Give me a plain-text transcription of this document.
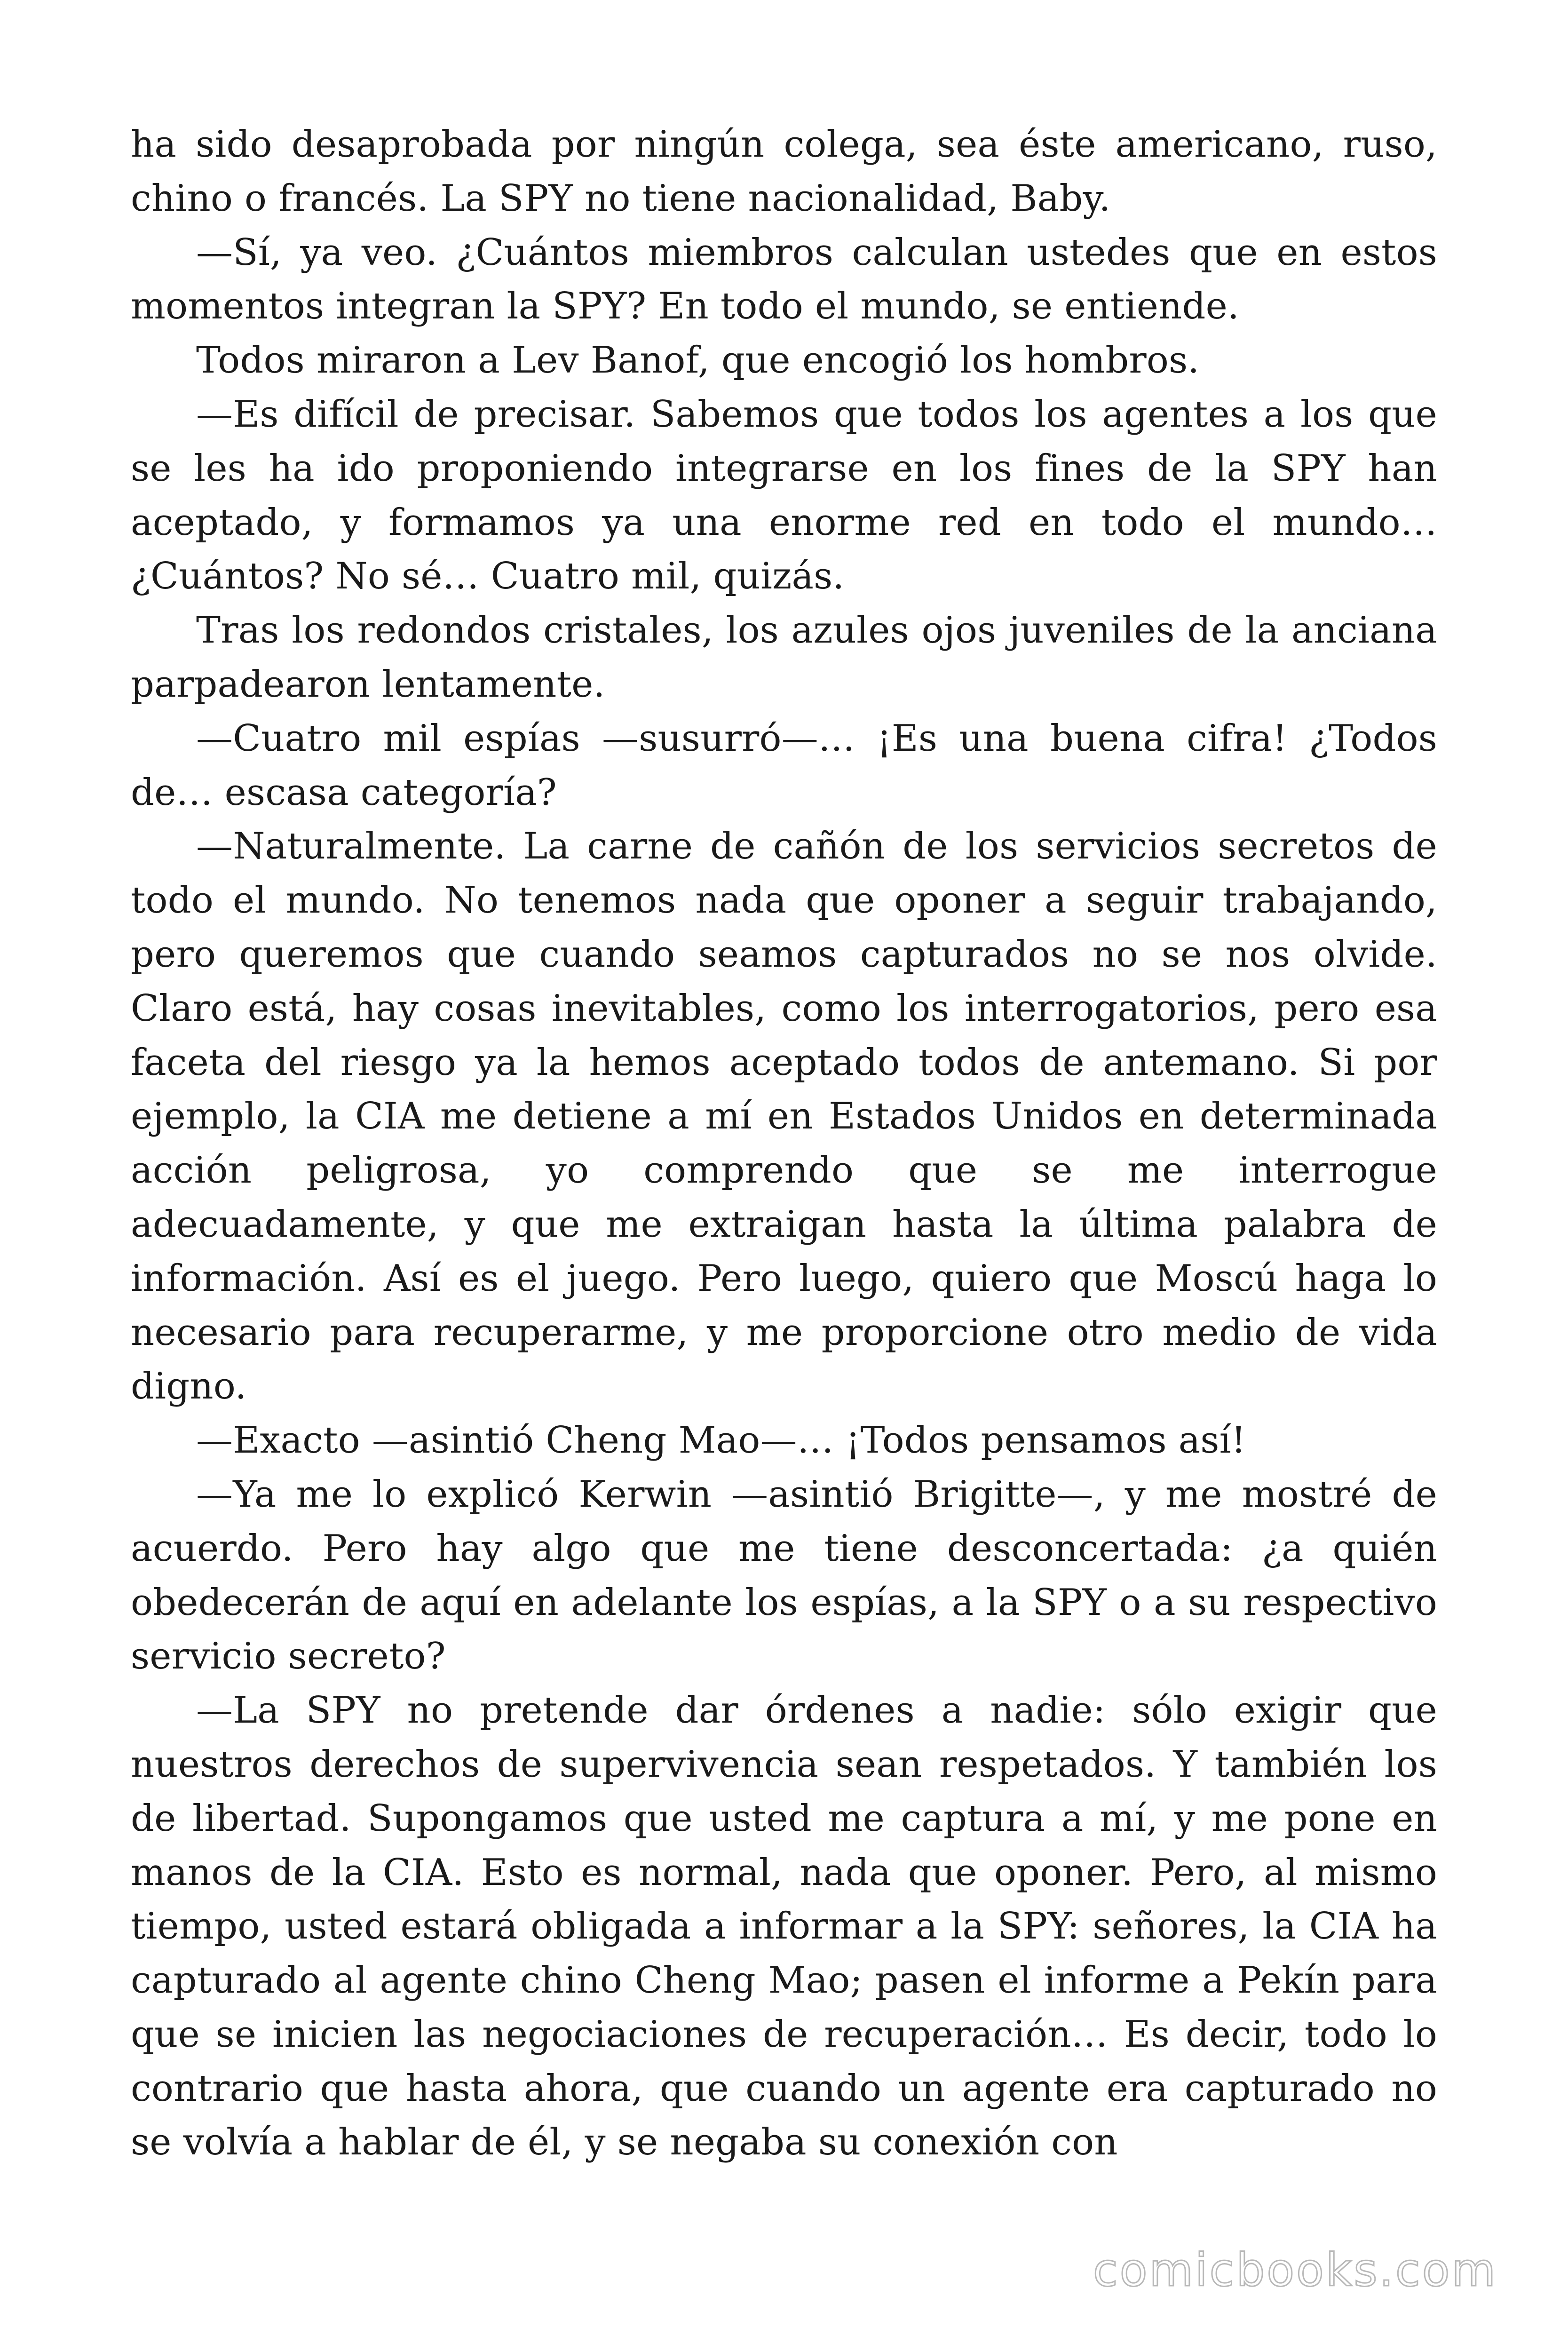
ha sido desaprobada por ningún colega, sea éste americano, ruso, chino o francés. La SPY no tiene nacionalidad, Baby.

—Sí, ya veo. ¿Cuántos miembros calculan ustedes que en estos momentos integran la SPY? En todo el mundo, se entiende.

Todos miraron a Lev Banof, que encogió los hombros.

—Es difícil de precisar. Sabemos que todos los agentes a los que se les ha ido proponiendo integrarse en los fines de la SPY han aceptado, y formamos ya una enorme red en todo el mundo… ¿Cuántos? No sé… Cuatro mil, quizás.

Tras los redondos cristales, los azules ojos juveniles de la anciana parpadearon lentamente.

—Cuatro mil espías —susurró—… ¡Es una buena cifra! ¿Todos de… escasa categoría?

—Naturalmente. La carne de cañón de los servicios secretos de todo el mundo. No tenemos nada que oponer a seguir trabajando, pero queremos que cuando seamos capturados no se nos olvide. Claro está, hay cosas inevitables, como los interrogatorios, pero esa faceta del riesgo ya la hemos aceptado todos de antemano. Si por ejemplo, la CIA me detiene a mí en Estados Unidos en determinada acción peligrosa, yo comprendo que se me interrogue adecuadamente, y que me extraigan hasta la última palabra de información. Así es el juego. Pero luego, quiero que Moscú haga lo necesario para recuperarme, y me proporcione otro medio de vida digno.

—Exacto —asintió Cheng Mao—… ¡Todos pensamos así!

—Ya me lo explicó Kerwin —asintió Brigitte—, y me mostré de acuerdo. Pero hay algo que me tiene desconcertada: ¿a quién obedecerán de aquí en adelante los espías, a la SPY o a su respectivo servicio secreto?

—La SPY no pretende dar órdenes a nadie: sólo exigir que nuestros derechos de supervivencia sean respetados. Y también los de libertad. Supongamos que usted me captura a mí, y me pone en manos de la CIA. Esto es normal, nada que oponer. Pero, al mismo tiempo, usted estará obligada a informar a la SPY: señores, la CIA ha capturado al agente chino Cheng Mao; pasen el informe a Pekín para que se inicien las negociaciones de recuperación… Es decir, todo lo contrario que hasta ahora, que cuando un agente era capturado no se volvía a hablar de él, y se negaba su conexión con

comicbooks.com
